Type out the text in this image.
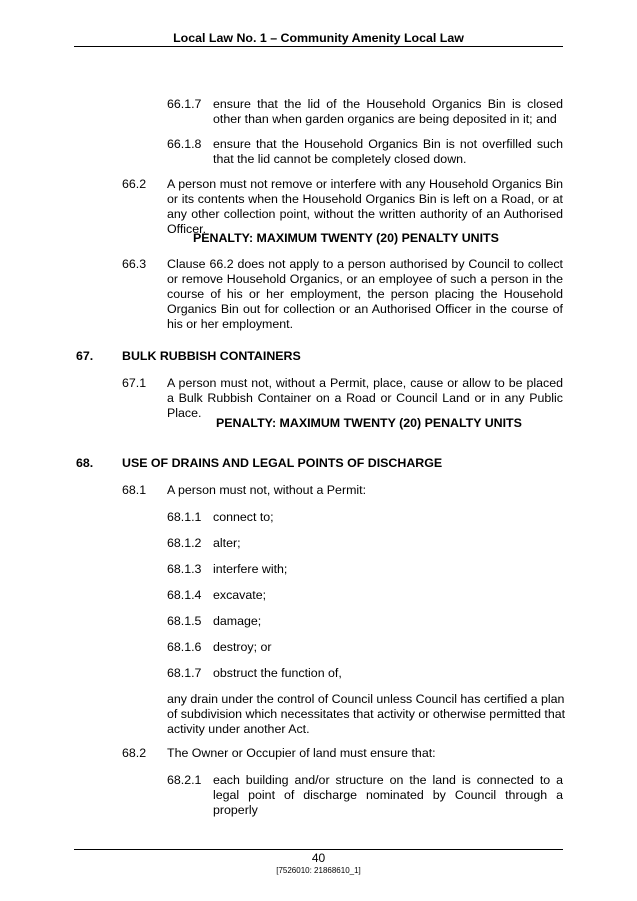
Local Law No. 1 – Community Amenity Local Law
66.1.7 ensure that the lid of the Household Organics Bin is closed other than when garden organics are being deposited in it; and
66.1.8 ensure that the Household Organics Bin is not overfilled such that the lid cannot be completely closed down.
66.2 A person must not remove or interfere with any Household Organics Bin or its contents when the Household Organics Bin is left on a Road, or at any other collection point, without the written authority of an Authorised Officer.
PENALTY: MAXIMUM TWENTY (20) PENALTY UNITS
66.3 Clause 66.2 does not apply to a person authorised by Council to collect or remove Household Organics, or an employee of such a person in the course of his or her employment, the person placing the Household Organics Bin out for collection or an Authorised Officer in the course of his or her employment.
67. BULK RUBBISH CONTAINERS
67.1 A person must not, without a Permit, place, cause or allow to be placed a Bulk Rubbish Container on a Road or Council Land or in any Public Place.
PENALTY: MAXIMUM TWENTY (20) PENALTY UNITS
68. USE OF DRAINS AND LEGAL POINTS OF DISCHARGE
68.1 A person must not, without a Permit:
68.1.1 connect to;
68.1.2 alter;
68.1.3 interfere with;
68.1.4 excavate;
68.1.5 damage;
68.1.6 destroy; or
68.1.7 obstruct the function of,
any drain under the control of Council unless Council has certified a plan of subdivision which necessitates that activity or otherwise permitted that activity under another Act.
68.2 The Owner or Occupier of land must ensure that:
68.2.1 each building and/or structure on the land is connected to a legal point of discharge nominated by Council through a properly
40
[7526010: 21868610_1]
